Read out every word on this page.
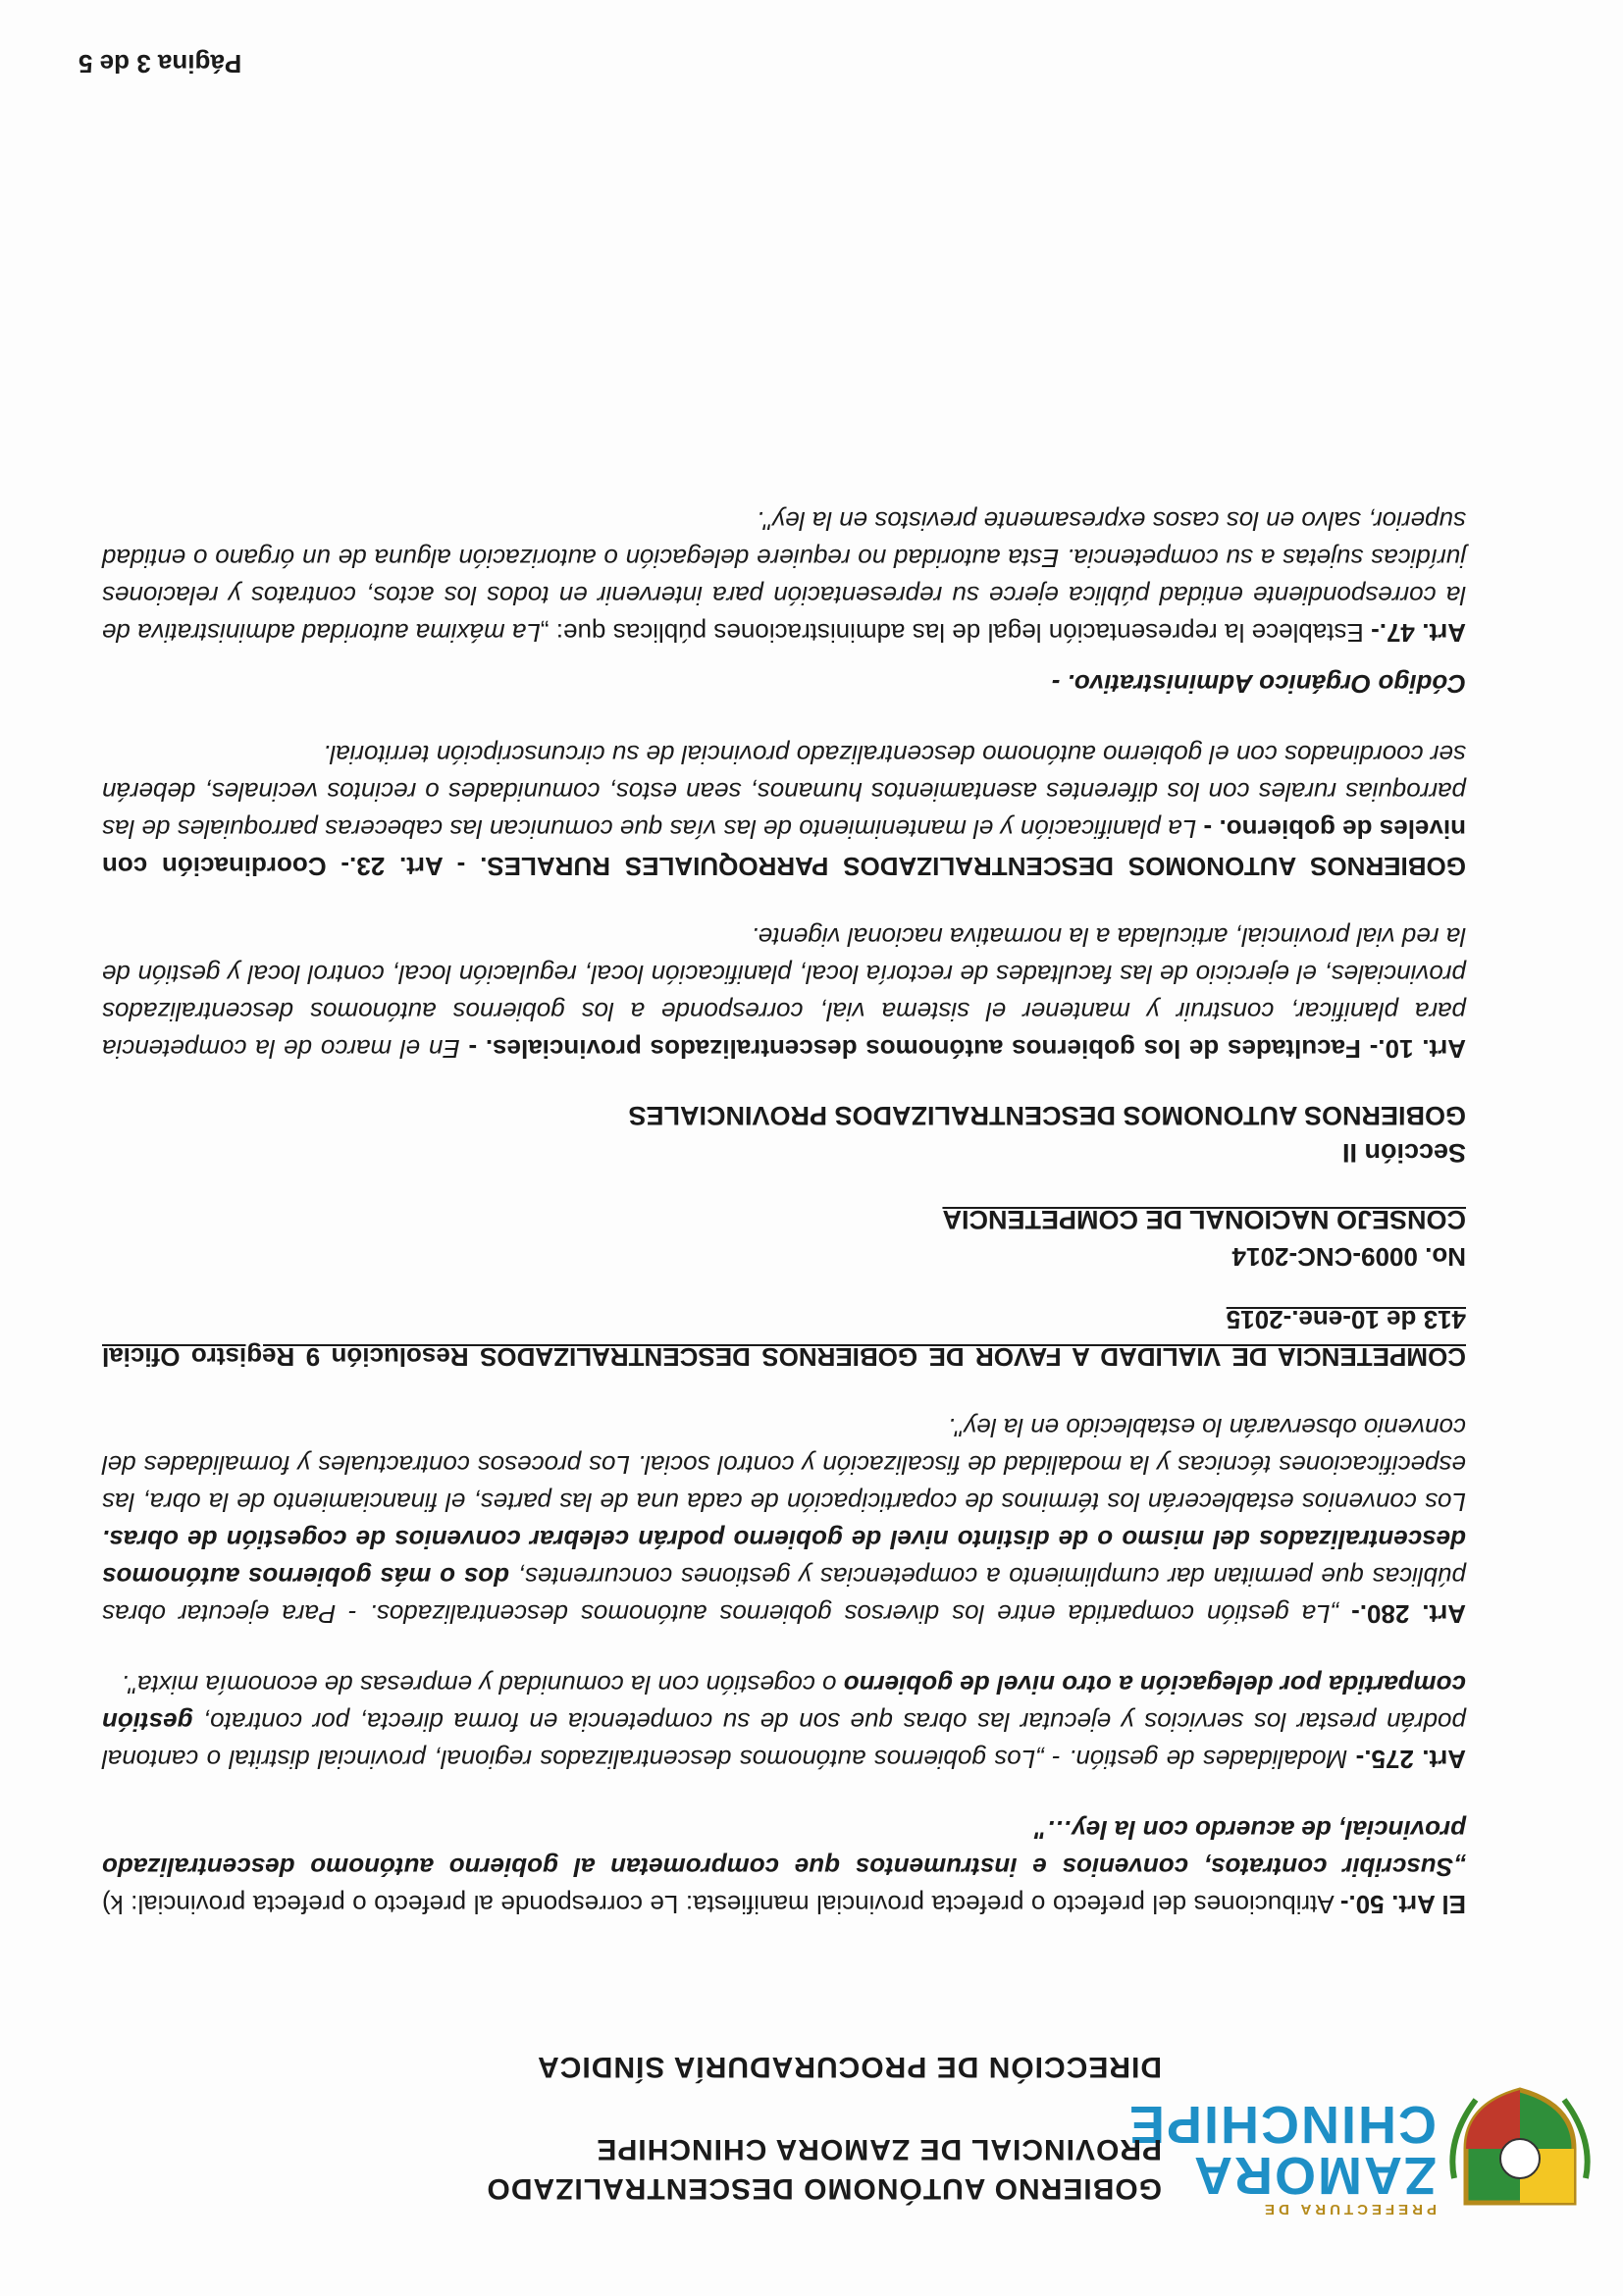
PREFECTURA DE
ZAMORA
CHINCHIPE
GOBIERNO AUTÓNOMO DESCENTRALIZADO
PROVINCIAL DE ZAMORA CHINCHIPE
DIRECCIÓN DE PROCURADURÍA SÍNDICA

El Art. 50.- Atribuciones del prefecto o prefecta provincial manifiesta: Le corresponde al prefecto o prefecta provincial: k) „Suscribir contratos, convenios e instrumentos que comprometan al gobierno autónomo descentralizado provincial, de acuerdo con la ley…"

Art. 275.- Modalidades de gestión. - „Los gobiernos autónomos descentralizados regional, provincial distrital o cantonal podrán prestar los servicios y ejecutar las obras que son de su competencia en forma directa, por contrato, gestión compartida por delegación a otro nivel de gobierno o cogestión con la comunidad y empresas de economía mixta".

Art. 280.- „La gestión compartida entre los diversos gobiernos autónomos descentralizados. - Para ejecutar obras públicas que permitan dar cumplimiento a competencias y gestiones concurrentes, dos o más gobiernos autónomos descentralizados del mismo o de distinto nivel de gobierno podrán celebrar convenios de cogestión de obras. Los convenios establecerán los términos de coparticipación de cada una de las partes, el financiamiento de la obra, las especificaciones técnicas y la modalidad de fiscalización y control social. Los procesos contractuales y formalidades del convenio observarán lo establecido en la ley".

COMPETENCIA DE VIALIDAD A FAVOR DE GOBIERNOS DESCENTRALIZADOS Resolución 9 Registro Oficial 413 de 10-ene.-2015
No. 0009-CNC-2014
CONSEJO NACIONAL DE COMPETENCIA
Sección II
GOBIERNOS AUTONOMOS DESCENTRALIZADOS PROVINCIALES

Art. 10.- Facultades de los gobiernos autónomos descentralizados provinciales. - En el marco de la competencia para planificar, construir y mantener el sistema vial, corresponde a los gobiernos autónomos descentralizados provinciales, el ejercicio de las facultades de rectoría local, planificación local, regulación local, control local y gestión de la red vial provincial, articulada a la normativa nacional vigente.

GOBIERNOS AUTONOMOS DESCENTRALIZADOS PARROQUIALES RURALES. - Art. 23.- Coordinación con niveles de gobierno. - La planificación y el mantenimiento de las vías que comunican las cabeceras parroquiales de las parroquias rurales con los diferentes asentamientos humanos, sean estos, comunidades o recintos vecinales, deberán ser coordinados con el gobierno autónomo descentralizado provincial de su circunscripción territorial.

Código Orgánico Administrativo. -

Art. 47.- Establece la representación legal de las administraciones públicas que: „La máxima autoridad administrativa de la correspondiente entidad pública ejerce su representación para intervenir en todos los actos, contratos y relaciones jurídicas sujetas a su competencia. Esta autoridad no requiere delegación o autorización alguna de un órgano o entidad superior, salvo en los casos expresamente previstos en la ley".

Página 3 de 5
